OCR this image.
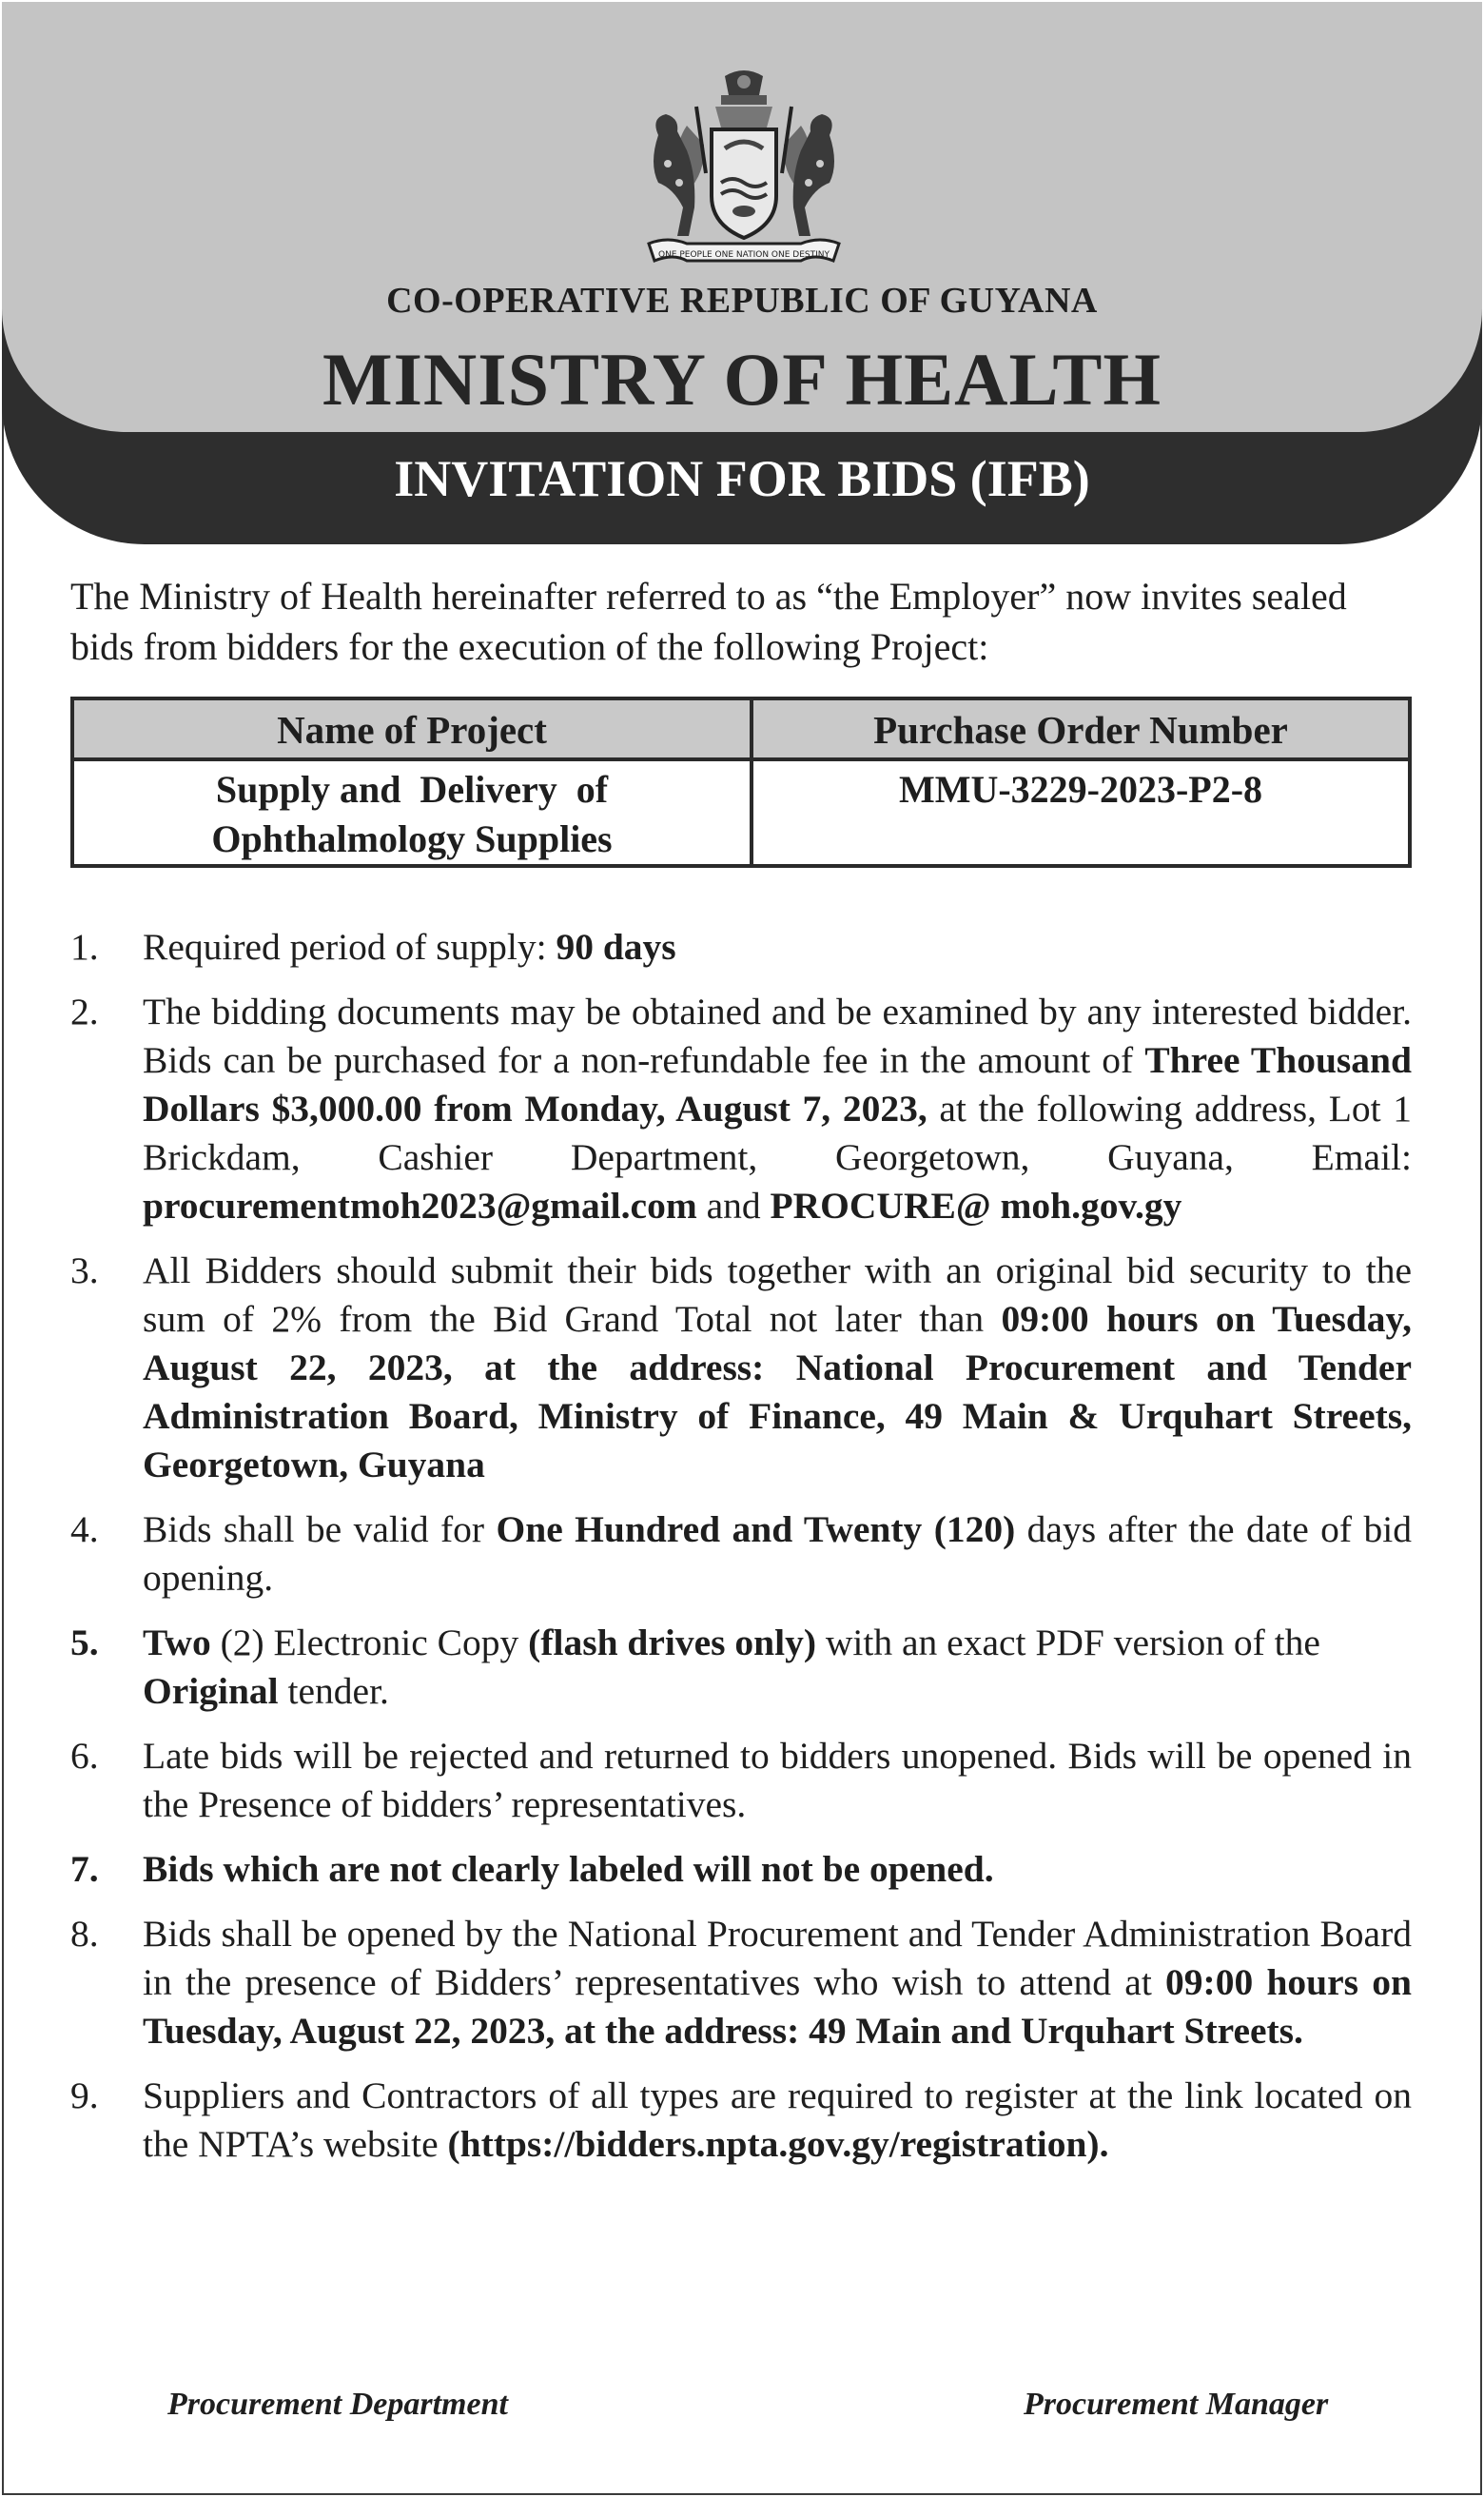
ONE PEOPLE ONE NATION ONE DESTINY
CO-OPERATIVE REPUBLIC OF GUYANA
MINISTRY OF HEALTH
INVITATION FOR BIDS (IFB)
The Ministry of Health hereinafter referred to as “the Employer” now invites sealed bids from bidders for the execution of the following Project:
Name of Project	Purchase Order Number
Supply and  Delivery  of
Ophthalmology Supplies
MMU-3229-2023-P2-8
1. Required period of supply: 90 days
2. The bidding documents may be obtained and be examined by any interested bidder. Bids can be purchased for a non-refundable fee in the amount of Three Thousand Dollars $3,000.00 from Monday, August 7, 2023, at the following address, Lot 1 Brickdam, Cashier Department, Georgetown, Guyana, Email: procurementmoh2023@gmail.com and PROCURE@ moh.gov.gy
3. All Bidders should submit their bids together with an original bid security to the sum of 2% from the Bid Grand Total not later than 09:00 hours on Tuesday, August 22, 2023, at the address: National Procurement and Tender Administration Board, Ministry of Finance, 49 Main & Urquhart Streets, Georgetown, Guyana
4. Bids shall be valid for One Hundred and Twenty (120) days after the date of bid opening.
5. Two (2) Electronic Copy (flash drives only) with an exact PDF version of the  Original tender.
6. Late bids will be rejected and returned to bidders unopened. Bids will be opened in the Presence of bidders’ representatives.
7. Bids which are not clearly labeled will not be opened.
8. Bids shall be opened by the National Procurement and Tender Administration Board in the presence of Bidders’ representatives who wish to attend at 09:00 hours on Tuesday, August 22, 2023, at the address: 49 Main and Urquhart Streets.
9. Suppliers and Contractors of all types are required to register at the link located on the NPTA’s website (https://bidders.npta.gov.gy/registration).
Procurement Department	Procurement Manager
